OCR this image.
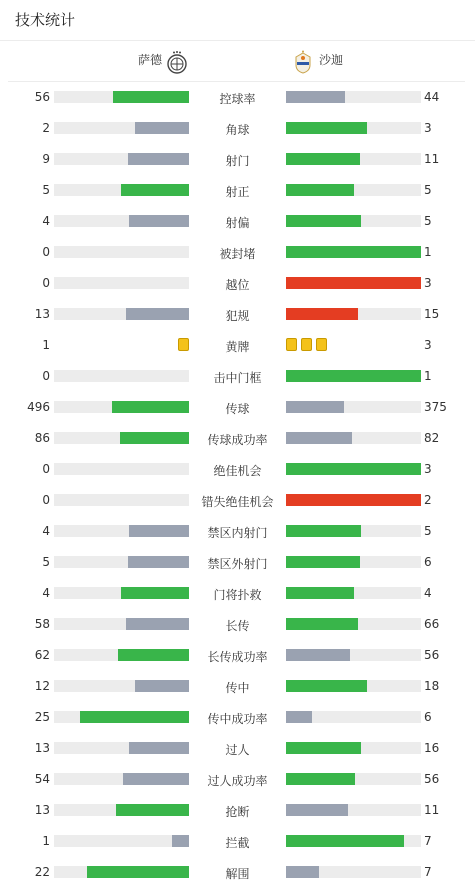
技术统计
萨德	沙迦
56	控球率	44
2	角球	3
9	射门	11
5	射正	5
4	射偏	5
0	被封堵	1
0	越位	3
13	犯规	15
1	黄牌	3
0	击中门框	1
496	传球	375
86	传球成功率	82
0	绝佳机会	3
0	错失绝佳机会	2
4	禁区内射门	5
5	禁区外射门	6
4	门将扑救	4
58	长传	66
62	长传成功率	56
12	传中	18
25	传中成功率	6
13	过人	16
54	过人成功率	56
13	抢断	11
1	拦截	7
22	解围	7
